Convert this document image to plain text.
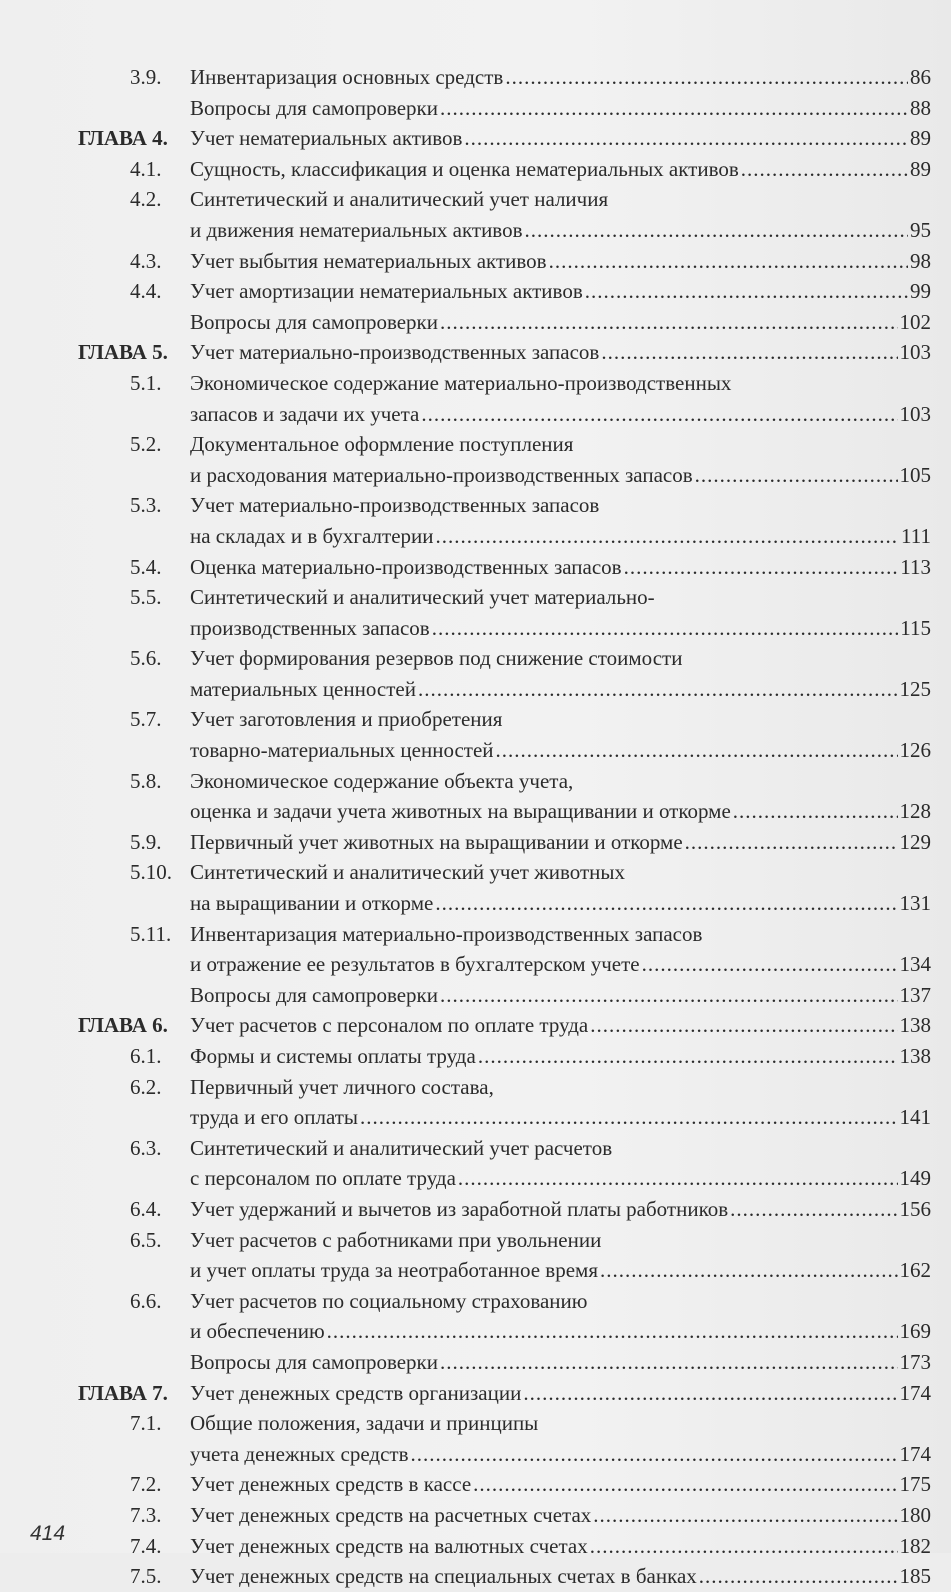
3.9.	Инвентаризация основных средств .....	86
Вопросы для самопроверки .....	88
ГЛАВА 4.	Учет нематериальных активов .....	89
4.1.	Сущность, классификация и оценка нематериальных активов .....	89
4.2.	Синтетический и аналитический учет наличия
и движения нематериальных активов .....	95
4.3.	Учет выбытия нематериальных активов .....	98
4.4.	Учет амортизации нематериальных активов .....	99
Вопросы для самопроверки .....	102
ГЛАВА 5.	Учет материально-производственных запасов .....	103
5.1.	Экономическое содержание материально-производственных
запасов и задачи их учета .....	103
5.2.	Документальное оформление поступления
и расходования материально-производственных запасов .....	105
5.3.	Учет материально-производственных запасов
на складах и в бухгалтерии .....	111
5.4.	Оценка материально-производственных запасов .....	113
5.5.	Синтетический и аналитический учет материально-
производственных запасов .....	115
5.6.	Учет формирования резервов под снижение стоимости
материальных ценностей .....	125
5.7.	Учет заготовления и приобретения
товарно-материальных ценностей .....	126
5.8.	Экономическое содержание объекта учета,
оценка и задачи учета животных на выращивании и откорме .....	128
5.9.	Первичный учет животных на выращивании и откорме .....	129
5.10. Синтетический и аналитический учет животных
на выращивании и откорме .....	131
5.11. Инвентаризация материально-производственных запасов
и отражение ее результатов в бухгалтерском учете .....	134
Вопросы для самопроверки .....	137
ГЛАВА 6.	Учет расчетов с персоналом по оплате труда .....	138
6.1.	Формы и системы оплаты труда .....	138
6.2.	Первичный учет личного состава,
труда и его оплаты .....	141
6.3.	Синтетический и аналитический учет расчетов
с персоналом по оплате труда .....	149
6.4.	Учет удержаний и вычетов из заработной платы работников .....	156
6.5.	Учет расчетов с работниками при увольнении
и учет оплаты труда за неотработанное время .....	162
6.6.	Учет расчетов по социальному страхованию
и обеспечению .....	169
Вопросы для самопроверки .....	173
ГЛАВА 7.	Учет денежных средств организации .....	174
7.1.	Общие положения, задачи и принципы
учета денежных средств .....	174
7.2.	Учет денежных средств в кассе .....	175
7.3.	Учет денежных средств на расчетных счетах .....	180
7.4.	Учет денежных средств на валютных счетах .....	182
7.5.	Учет денежных средств на специальных счетах в банках .....	185
414
